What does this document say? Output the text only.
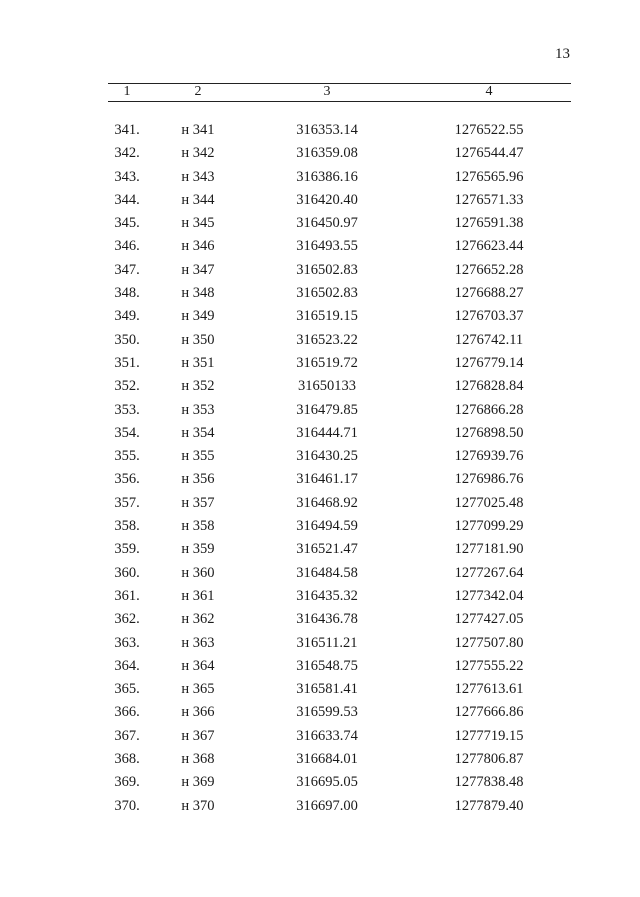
13
1	2	3	4
341.	н 341	316353.14	1276522.55
342.	н 342	316359.08	1276544.47
343.	н 343	316386.16	1276565.96
344.	н 344	316420.40	1276571.33
345.	н 345	316450.97	1276591.38
346.	н 346	316493.55	1276623.44
347.	н 347	316502.83	1276652.28
348.	н 348	316502.83	1276688.27
349.	н 349	316519.15	1276703.37
350.	н 350	316523.22	1276742.11
351.	н 351	316519.72	1276779.14
352.	н 352	31650133	1276828.84
353.	н 353	316479.85	1276866.28
354.	н 354	316444.71	1276898.50
355.	н 355	316430.25	1276939.76
356.	н 356	316461.17	1276986.76
357.	н 357	316468.92	1277025.48
358.	н 358	316494.59	1277099.29
359.	н 359	316521.47	1277181.90
360.	н 360	316484.58	1277267.64
361.	н 361	316435.32	1277342.04
362.	н 362	316436.78	1277427.05
363.	н 363	316511.21	1277507.80
364.	н 364	316548.75	1277555.22
365.	н 365	316581.41	1277613.61
366.	н 366	316599.53	1277666.86
367.	н 367	316633.74	1277719.15
368.	н 368	316684.01	1277806.87
369.	н 369	316695.05	1277838.48
370.	н 370	316697.00	1277879.40
